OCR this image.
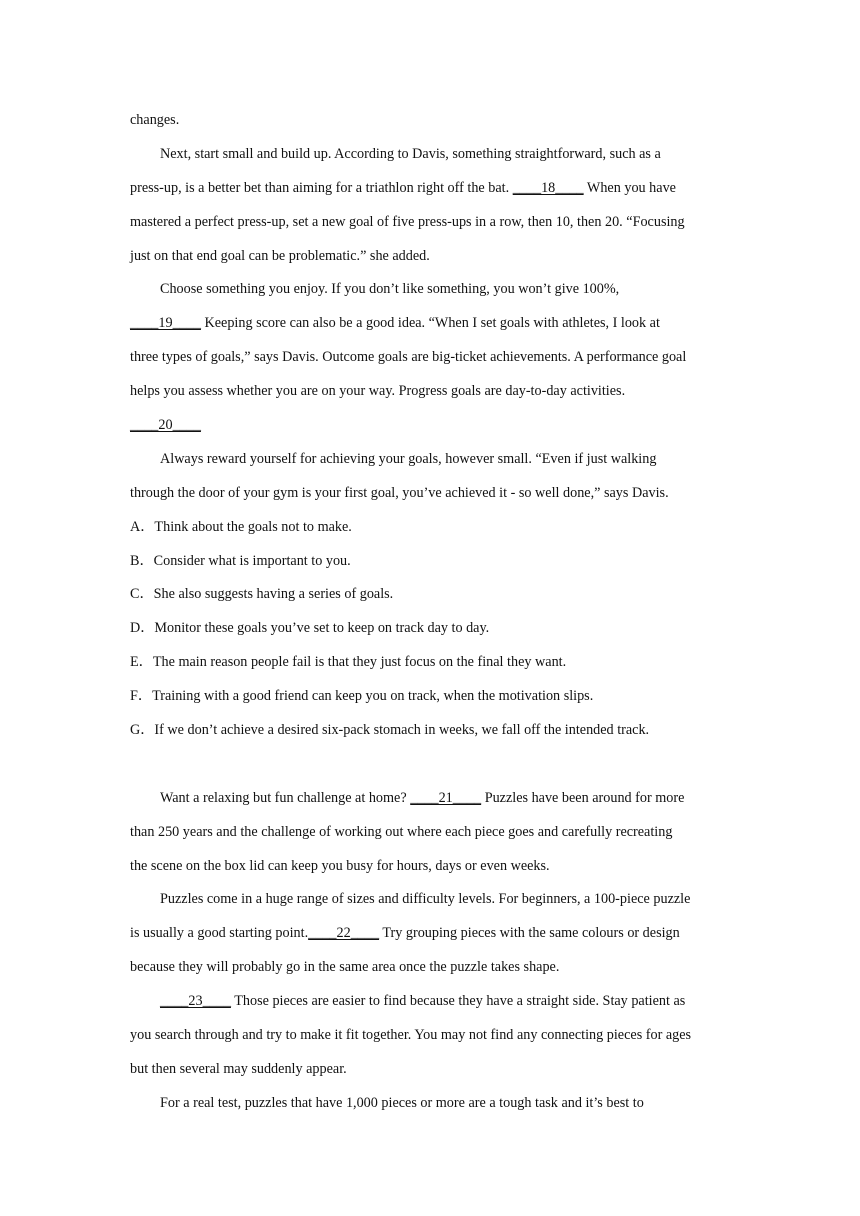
changes.
Next, start small and build up. According to Davis, something straightforward, such as a
press-up, is a better bet than aiming for a triathlon right off the bat. ____18____ When you have
mastered a perfect press-up, set a new goal of five press-ups in a row, then 10, then 20. “Focusing
just on that end goal can be problematic.” she added.
Choose something you enjoy. If you don’t like something, you won’t give 100%,
____19____ Keeping score can also be a good idea. “When I set goals with athletes, I look at
three types of goals,” says Davis. Outcome goals are big-ticket achievements. A performance goal
helps you assess whether you are on your way. Progress goals are day-to-day activities.
____20____
Always reward yourself for achieving your goals, however small. “Even if just walking
through the door of your gym is your first goal, you’ve achieved it - so well done,” says Davis.
A．Think about the goals not to make.
B．Consider what is important to you.
C．She also suggests having a series of goals.
D．Monitor these goals you’ve set to keep on track day to day.
E．The main reason people fail is that they just focus on the final they want.
F．Training with a good friend can keep you on track, when the motivation slips.
G．If we don’t achieve a desired six-pack stomach in weeks, we fall off the intended track.
Want a relaxing but fun challenge at home? ____21____ Puzzles have been around for more
than 250 years and the challenge of working out where each piece goes and carefully recreating
the scene on the box lid can keep you busy for hours, days or even weeks.
Puzzles come in a huge range of sizes and difficulty levels. For beginners, a 100-piece puzzle
is usually a good starting point.____22____ Try grouping pieces with the same colours or design
because they will probably go in the same area once the puzzle takes shape.
____23____ Those pieces are easier to find because they have a straight side. Stay patient as
you search through and try to make it fit together. You may not find any connecting pieces for ages
but then several may suddenly appear.
For a real test, puzzles that have 1,000 pieces or more are a tough task and it’s best to
